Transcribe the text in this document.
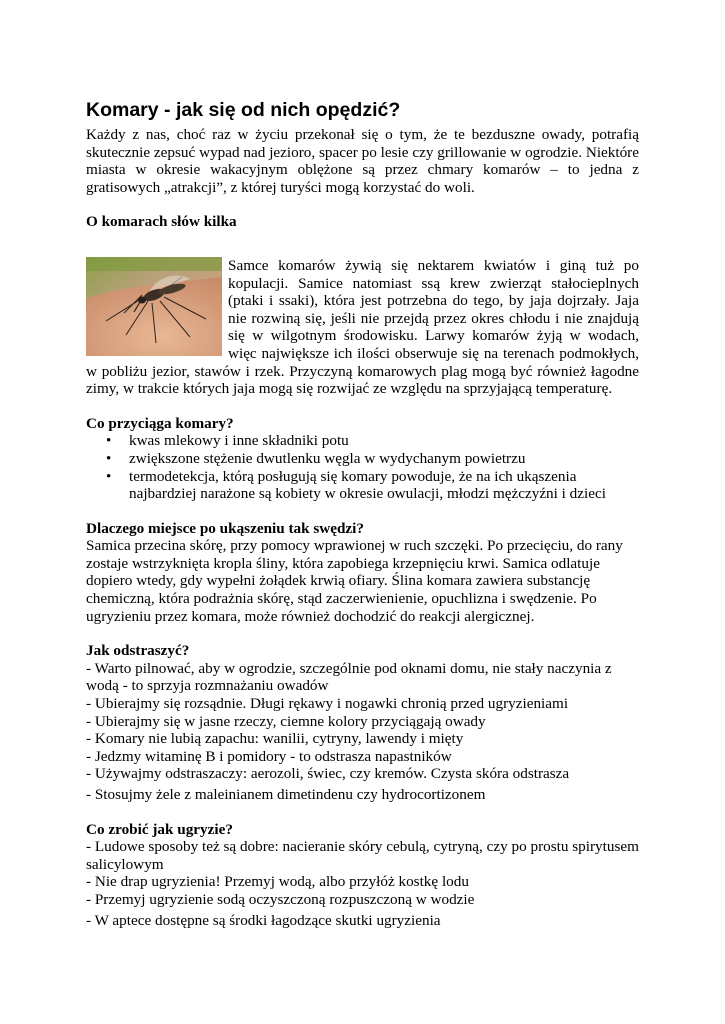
Komary - jak się od nich opędzić?

Każdy z nas, choć raz w życiu przekonał się o tym, że te bezduszne owady, potrafią skutecznie zepsuć wypad nad jezioro, spacer po lesie czy grillowanie w ogrodzie. Niektóre miasta w okresie wakacyjnym oblężone są przez chmary komarów – to jedna z gratisowych „atrakcji”, z której turyści mogą korzystać do woli.

O komarach słów kilka

Samce komarów żywią się nektarem kwiatów i giną tuż po kopulacji. Samice natomiast ssą krew zwierząt stałocieplnych (ptaki i ssaki), która jest potrzebna do tego, by jaja dojrzały. Jaja nie rozwiną się, jeśli nie przejdą przez okres chłodu i nie znajdują się w wilgotnym środowisku. Larwy komarów żyją w wodach, więc największe ich ilości obserwuje się na terenach podmokłych, w pobliżu jezior, stawów i rzek. Przyczyną komarowych plag mogą być również łagodne zimy, w trakcie których jaja mogą się rozwijać ze względu na sprzyjającą temperaturę.

Co przyciąga komary?
• kwas mlekowy i inne składniki potu
• zwiększone stężenie dwutlenku węgla w wydychanym powietrzu
• termodetekcja, którą posługują się komary powoduje, że na ich ukąszenia najbardziej narażone są kobiety w okresie owulacji, młodzi mężczyźni i dzieci
Dlaczego miejsce po ukąszeniu tak swędzi?

Samica przecina skórę, przy pomocy wprawionej w ruch szczęki. Po przecięciu, do rany zostaje wstrzyknięta kropla śliny, która zapobiega krzepnięciu krwi. Samica odlatuje dopiero wtedy, gdy wypełni żołądek krwią ofiary. Ślina komara zawiera substancję chemiczną, która podrażnia skórę, stąd zaczerwienienie, opuchlizna i swędzenie. Po ugryzieniu przez komara, może również dochodzić do reakcji alergicznej.

Jak odstraszyć?

- Warto pilnować, aby w ogrodzie, szczególnie pod oknami domu, nie stały naczynia z wodą - to sprzyja rozmnażaniu owadów

- Ubierajmy się rozsądnie. Długi rękawy i nogawki chronią przed ugryzieniami

- Ubierajmy się w jasne rzeczy, ciemne kolory przyciągają owady

- Komary nie lubią zapachu: wanilii, cytryny, lawendy i mięty

- Jedzmy witaminę B i pomidory - to odstrasza napastników

- Używajmy odstraszaczy: aerozoli, świec, czy kremów. Czysta skóra odstrasza

- Stosujmy żele z maleinianem dimetindenu czy hydrocortizonem

Co zrobić jak ugryzie?

- Ludowe sposoby też są dobre: nacieranie skóry cebulą, cytryną, czy po prostu spirytusem salicylowym

- Nie drap ugryzienia! Przemyj wodą, albo przyłóż kostkę lodu

- Przemyj ugryzienie sodą oczyszczoną rozpuszczoną w wodzie

- W aptece dostępne są środki łagodzące skutki ugryzienia
